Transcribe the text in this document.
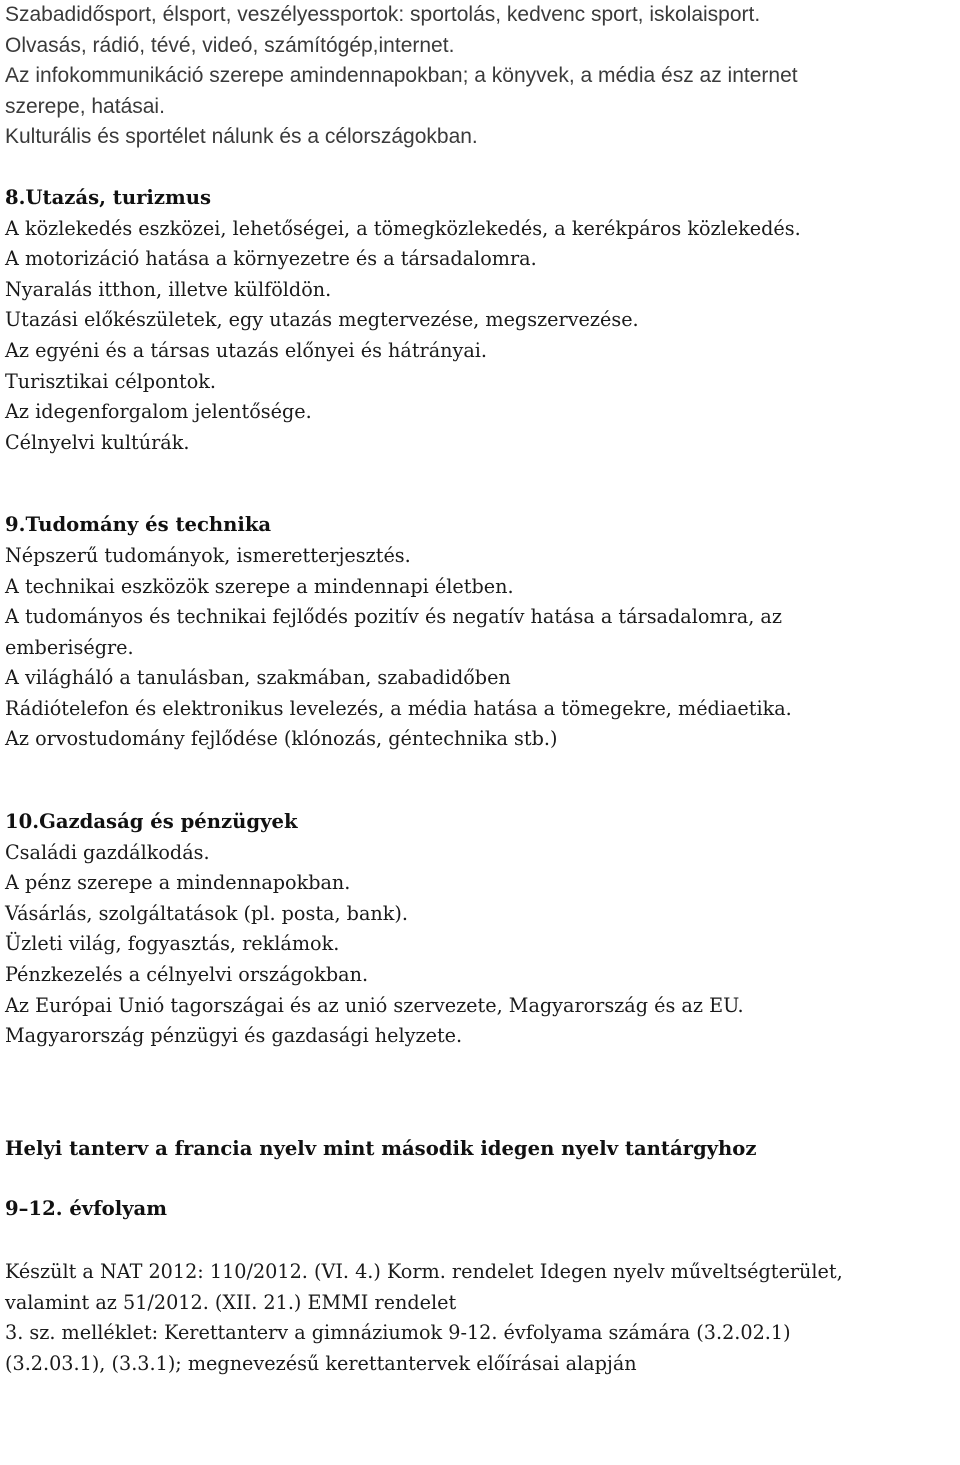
Szabadidősport, élsport, veszélyessportok: sportolás, kedvenc sport, iskolaisport.
Olvasás, rádió, tévé, videó, számítógép,internet.
Az infokommunikáció szerepe amindennapokban; a könyvek, a média ész az internet
szerepe, hatásai.
Kulturális és sportélet nálunk és a célországokban.
8.Utazás, turizmus
A közlekedés eszközei, lehetőségei, a tömegközlekedés, a kerékpáros közlekedés.
A motorizáció hatása a környezetre és a társadalomra.
Nyaralás itthon, illetve külföldön.
Utazási előkészületek, egy utazás megtervezése, megszervezése.
Az egyéni és a társas utazás előnyei és hátrányai.
Turisztikai célpontok.
Az idegenforgalom jelentősége.
Célnyelvi kultúrák.
9.Tudomány és technika
Népszerű tudományok, ismeretterjesztés.
A technikai eszközök szerepe a mindennapi életben.
A tudományos és technikai fejlődés pozitív és negatív hatása a társadalomra, az
emberiségre.
A világháló a tanulásban, szakmában, szabadidőben
Rádiótelefon és elektronikus levelezés, a média hatása a tömegekre, médiaetika.
Az orvostudomány fejlődése (klónozás, géntechnika stb.)
10.Gazdaság és pénzügyek
Családi gazdálkodás.
A pénz szerepe a mindennapokban.
Vásárlás, szolgáltatások (pl. posta, bank).
Üzleti világ, fogyasztás, reklámok.
Pénzkezelés a célnyelvi országokban.
Az Európai Unió tagországai és az unió szervezete, Magyarország és az EU.
Magyarország pénzügyi és gazdasági helyzete.
Helyi tanterv a francia nyelv mint második idegen nyelv tantárgyhoz
9–12. évfolyam
Készült a NAT 2012: 110/2012. (VI. 4.) Korm. rendelet Idegen nyelv műveltségterület,
valamint az 51/2012. (XII. 21.) EMMI rendelet
3. sz. melléklet: Kerettanterv a gimnáziumok 9-12. évfolyama számára (3.2.02.1)
(3.2.03.1), (3.3.1); megnevezésű kerettantervek előírásai alapján
